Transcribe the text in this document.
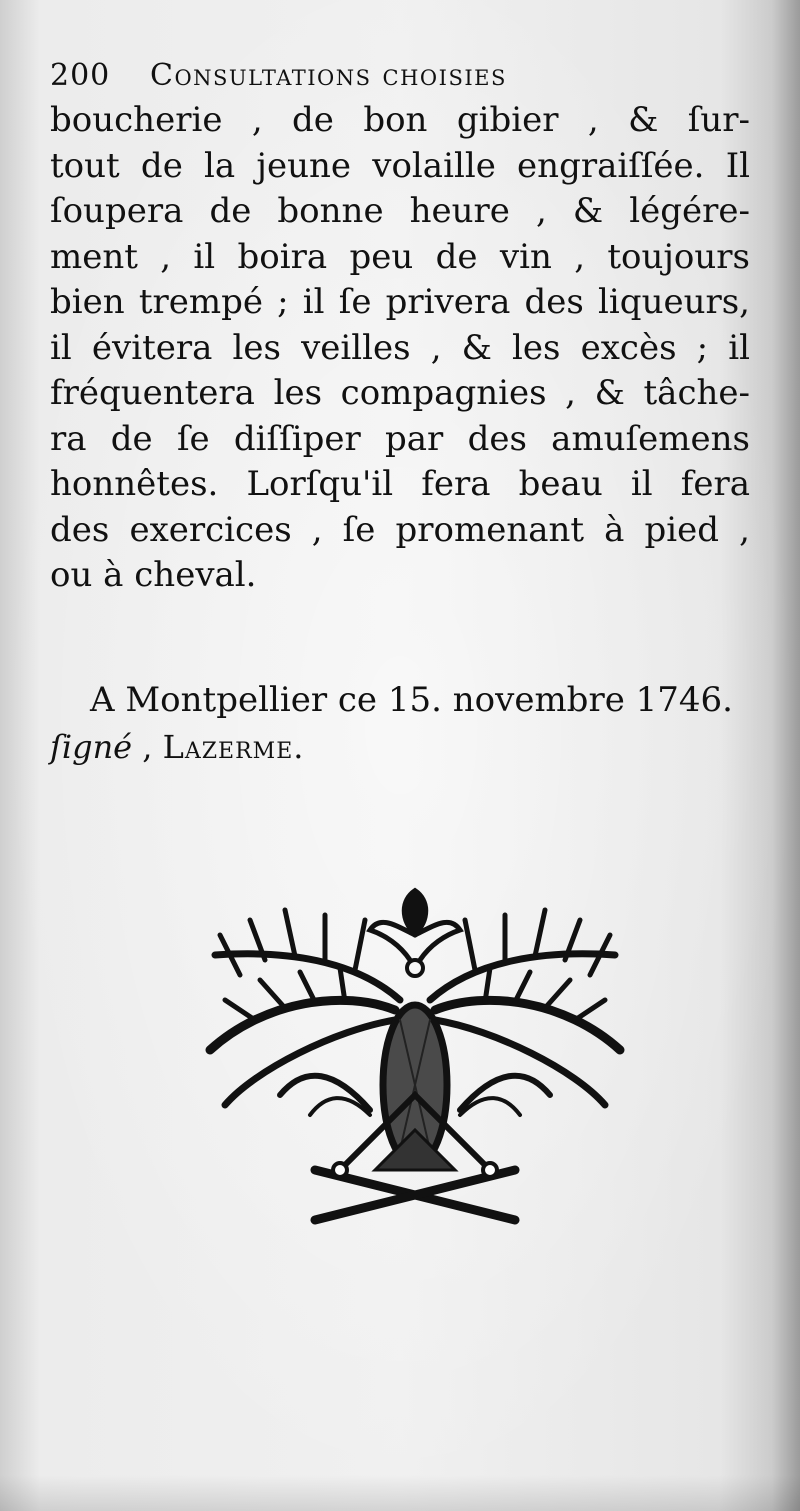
200 Consultations choisies
boucherie , de bon gibier , & ſur-
tout de la jeune volaille engraiſſée. Il
ſoupera de bonne heure , & légére-
ment , il boira peu de vin , toujours
bien trempé ; il ſe privera des liqueurs,
il évitera les veilles , & les excès ; il
fréquentera les compagnies , & tâche-
ra de ſe diſſiper par des amuſemens
honnêtes. Lorſqu'il fera beau il fera
des exercices , ſe promenant à pied ,
ou à cheval.
A Montpellier ce 15. novembre 1746.
ſigné , Lazerme.
